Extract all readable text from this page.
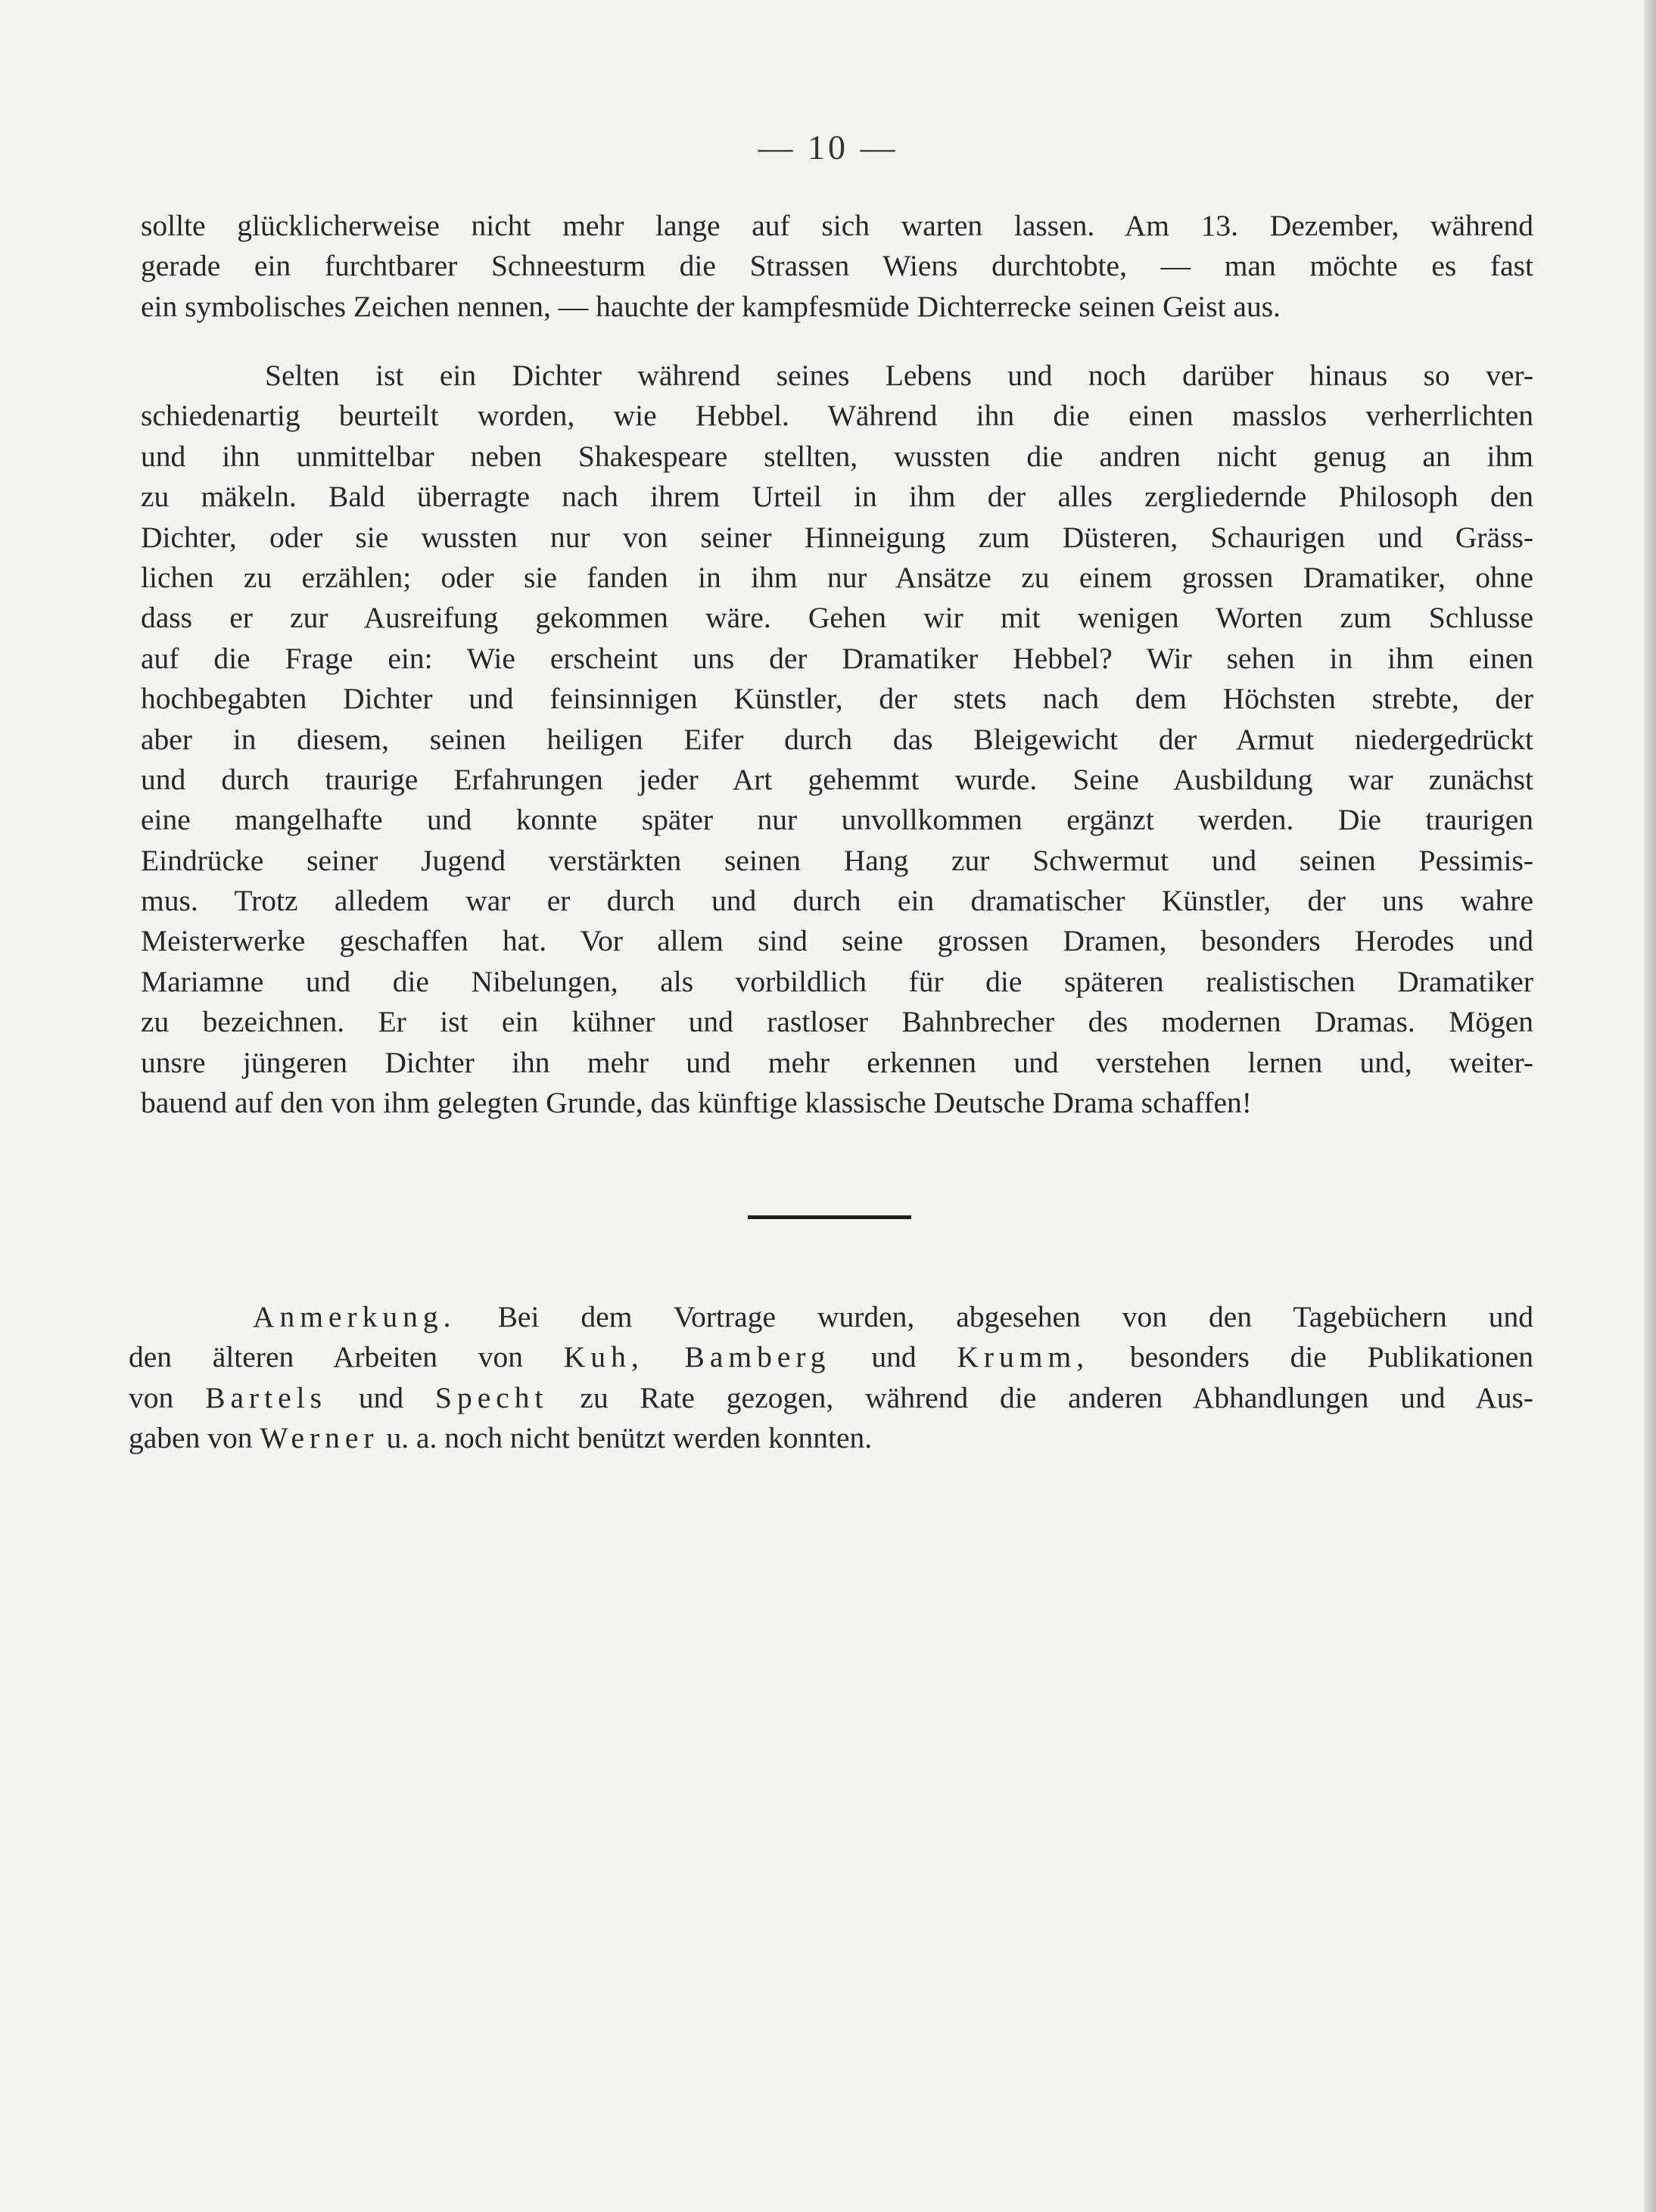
— 10 —
sollte glücklicherweise nicht mehr lange auf sich warten lassen. Am 13. Dezember, während
gerade ein furchtbarer Schneesturm die Strassen Wiens durchtobte, — man möchte es fast
ein symbolisches Zeichen nennen, — hauchte der kampfesmüde Dichterrecke seinen Geist aus.
Selten ist ein Dichter während seines Lebens und noch darüber hinaus so ver-
schiedenartig beurteilt worden, wie Hebbel. Während ihn die einen masslos verherrlichten
und ihn unmittelbar neben Shakespeare stellten, wussten die andren nicht genug an ihm
zu mäkeln. Bald überragte nach ihrem Urteil in ihm der alles zergliedernde Philosoph den
Dichter, oder sie wussten nur von seiner Hinneigung zum Düsteren, Schaurigen und Gräss-
lichen zu erzählen; oder sie fanden in ihm nur Ansätze zu einem grossen Dramatiker, ohne
dass er zur Ausreifung gekommen wäre. Gehen wir mit wenigen Worten zum Schlusse
auf die Frage ein: Wie erscheint uns der Dramatiker Hebbel? Wir sehen in ihm einen
hochbegabten Dichter und feinsinnigen Künstler, der stets nach dem Höchsten strebte, der
aber in diesem, seinen heiligen Eifer durch das Bleigewicht der Armut niedergedrückt
und durch traurige Erfahrungen jeder Art gehemmt wurde. Seine Ausbildung war zunächst
eine mangelhafte und konnte später nur unvollkommen ergänzt werden. Die traurigen
Eindrücke seiner Jugend verstärkten seinen Hang zur Schwermut und seinen Pessimis-
mus. Trotz alledem war er durch und durch ein dramatischer Künstler, der uns wahre
Meisterwerke geschaffen hat. Vor allem sind seine grossen Dramen, besonders Herodes und
Mariamne und die Nibelungen, als vorbildlich für die späteren realistischen Dramatiker
zu bezeichnen. Er ist ein kühner und rastloser Bahnbrecher des modernen Dramas. Mögen
unsre jüngeren Dichter ihn mehr und mehr erkennen und verstehen lernen und, weiter-
bauend auf den von ihm gelegten Grunde, das künftige klassische Deutsche Drama schaffen!
Anmerkung. Bei dem Vortrage wurden, abgesehen von den Tagebüchern und
den älteren Arbeiten von Kuh, Bamberg und Krumm, besonders die Publikationen
von Bartels und Specht zu Rate gezogen, während die anderen Abhandlungen und Aus-
gaben von Werner u. a. noch nicht benützt werden konnten.
